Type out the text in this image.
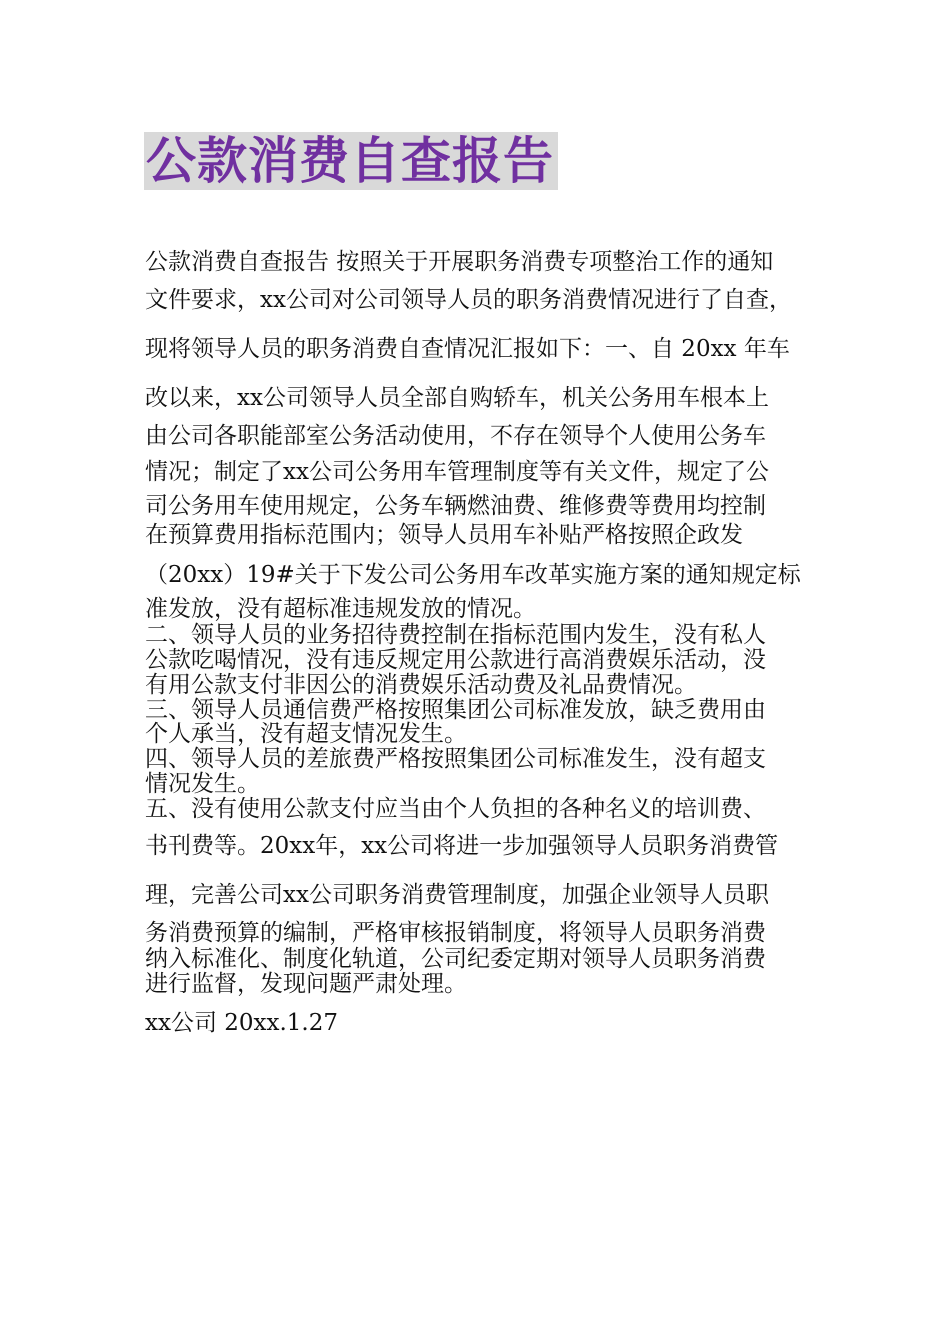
公款消费自查报告

公款消费自查报告 按照关于开展职务消费专项整治工作的通知

文件要求，xx公司对公司领导人员的职务消费情况进行了自查，

现将领导人员的职务消费自查情况汇报如下：一、自 20xx 年车

改以来，xx公司领导人员全部自购轿车，机关公务用车根本上

由公司各职能部室公务活动使用，不存在领导个人使用公务车

情况；制定了xx公司公务用车管理制度等有关文件，规定了公

司公务用车使用规定，公务车辆燃油费、维修费等费用均控制

在预算费用指标范围内；领导人员用车补贴严格按照企政发

（20xx）19#关于下发公司公务用车改革实施方案的通知规定标

准发放，没有超标准违规发放的情况。

二、领导人员的业务招待费控制在指标范围内发生，没有私人

公款吃喝情况，没有违反规定用公款进行高消费娱乐活动，没

有用公款支付非因公的消费娱乐活动费及礼品费情况。

三、领导人员通信费严格按照集团公司标准发放，缺乏费用由

个人承当，没有超支情况发生。

四、领导人员的差旅费严格按照集团公司标准发生，没有超支

情况发生。

五、没有使用公款支付应当由个人负担的各种名义的培训费、

书刊费等。20xx年，xx公司将进一步加强领导人员职务消费管

理，完善公司xx公司职务消费管理制度，加强企业领导人员职

务消费预算的编制，严格审核报销制度，将领导人员职务消费

纳入标准化、制度化轨道，公司纪委定期对领导人员职务消费

进行监督，发现问题严肃处理。

xx公司 20xx.1.27
